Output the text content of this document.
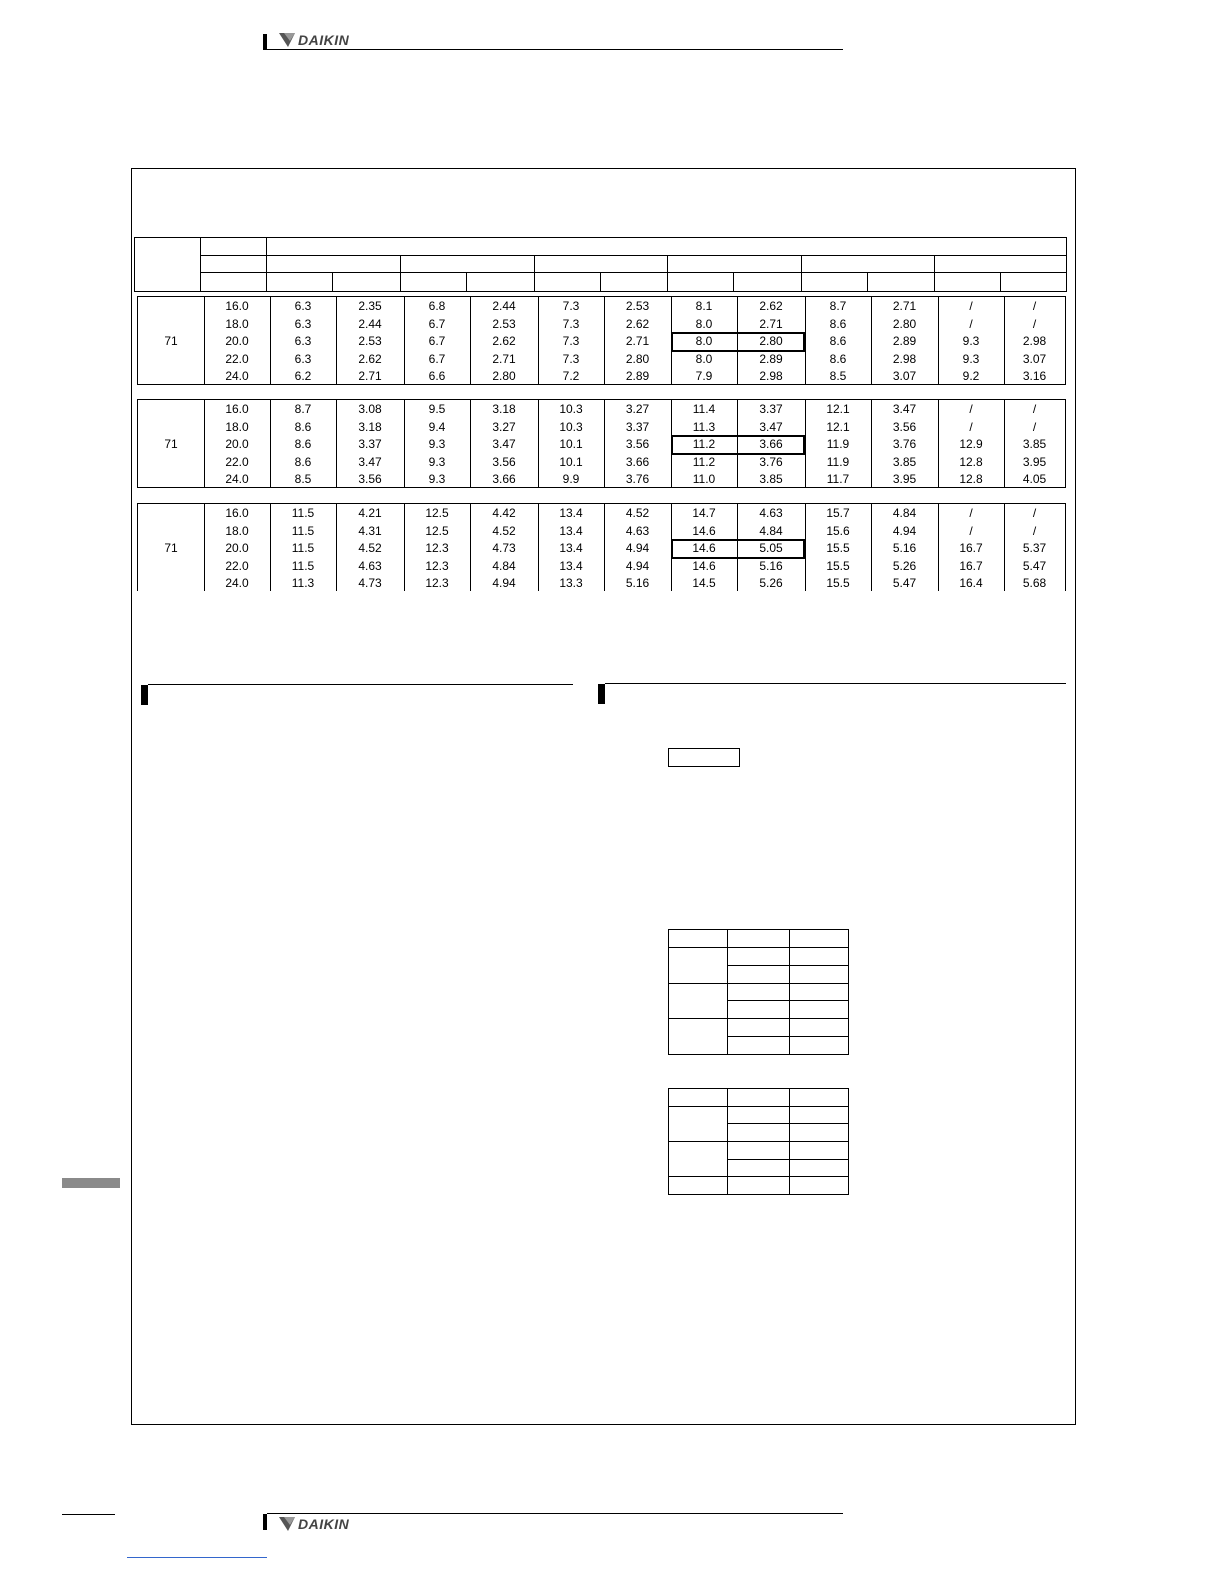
DAIKIN
71
16.0	6.3	2.35	6.8	2.44	7.3	2.53	8.1	2.62	8.7	2.71	/	/
18.0	6.3	2.44	6.7	2.53	7.3	2.62	8.0	2.71	8.6	2.80	/	/
20.0	6.3	2.53	6.7	2.62	7.3	2.71	8.0	2.80	8.6	2.89	9.3	2.98
22.0	6.3	2.62	6.7	2.71	7.3	2.80	8.0	2.89	8.6	2.98	9.3	3.07
24.0	6.2	2.71	6.6	2.80	7.2	2.89	7.9	2.98	8.5	3.07	9.2	3.16
71
16.0	8.7	3.08	9.5	3.18	10.3	3.27	11.4	3.37	12.1	3.47	/	/
18.0	8.6	3.18	9.4	3.27	10.3	3.37	11.3	3.47	12.1	3.56	/	/
20.0	8.6	3.37	9.3	3.47	10.1	3.56	11.2	3.66	11.9	3.76	12.9	3.85
22.0	8.6	3.47	9.3	3.56	10.1	3.66	11.2	3.76	11.9	3.85	12.8	3.95
24.0	8.5	3.56	9.3	3.66	9.9	3.76	11.0	3.85	11.7	3.95	12.8	4.05
71
16.0	11.5	4.21	12.5	4.42	13.4	4.52	14.7	4.63	15.7	4.84	/	/
18.0	11.5	4.31	12.5	4.52	13.4	4.63	14.6	4.84	15.6	4.94	/	/
20.0	11.5	4.52	12.3	4.73	13.4	4.94	14.6	5.05	15.5	5.16	16.7	5.37
22.0	11.5	4.63	12.3	4.84	13.4	4.94	14.6	5.16	15.5	5.26	16.7	5.47
24.0	11.3	4.73	12.3	4.94	13.3	5.16	14.5	5.26	15.5	5.47	16.4	5.68

DAIKIN
